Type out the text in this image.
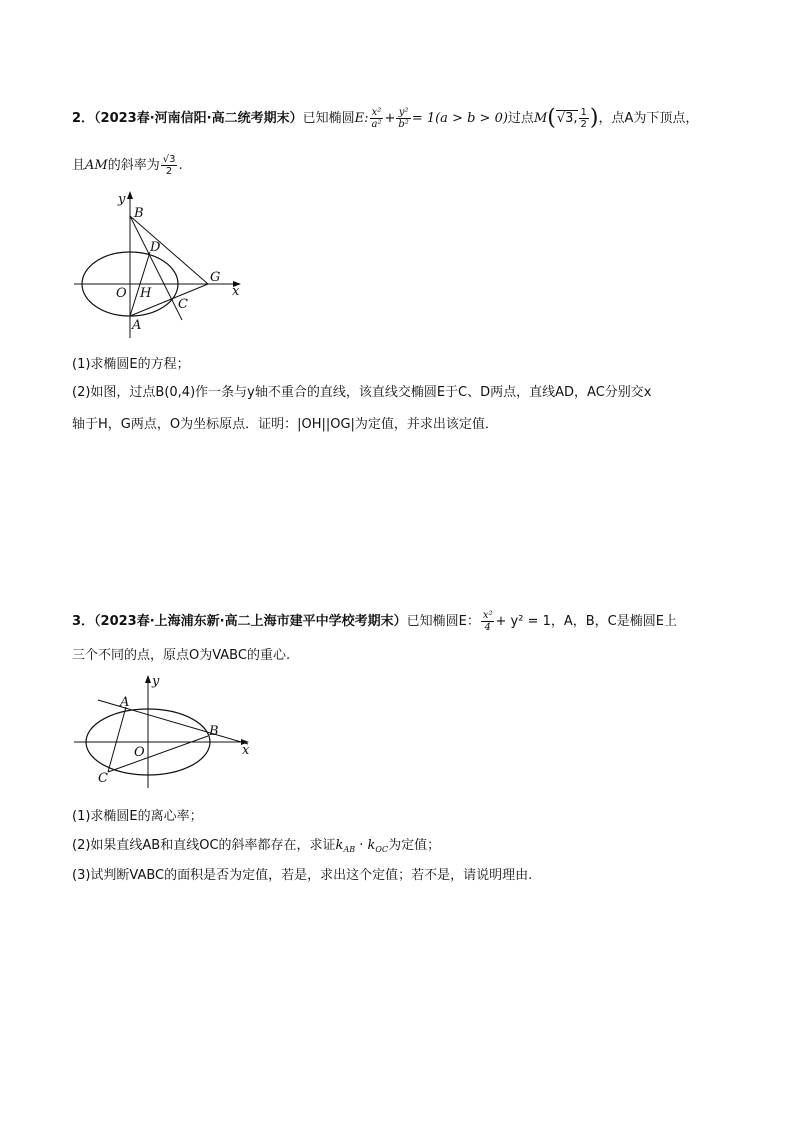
2．（2023春·河南信阳·高二统考期末）已知椭圆E: $\frac{\text{x²}}{\text{a²}} + \frac{\text{y²}}{\text{b²}} = 1(a > b > 0)$过点M(√3, $\frac{1}{2}$ )，点A为下顶点，
且AM的斜率为 $\frac{√3}{2}$ .
y
B
D
G
x
O H
C
A
(1)求椭圆E的方程；
(2)如图，过点B(0,4)作一条与y轴不重合的直线，该直线交椭圆E于C、D两点，直线AD，AC分别交x
轴于H，G两点，O为坐标原点．证明：|OH||OG|为定值，并求出该定值．
3．（2023春·上海浦东新·高二上海市建平中学校考期末）已知椭圆E： $\frac{\text{x²}}{4} + y^2 = 1$，A，B，C是椭圆E上
三个不同的点，原点O为VABC的重心.
y
A
B
x
O
C
(1)求椭圆E的离心率；
(2)如果直线AB和直线OC的斜率都存在，求证$k_{AB} \cdot k_{OC}$为定值；
(3)试判断VABC的面积是否为定值，若是，求出这个定值；若不是，请说明理由.
